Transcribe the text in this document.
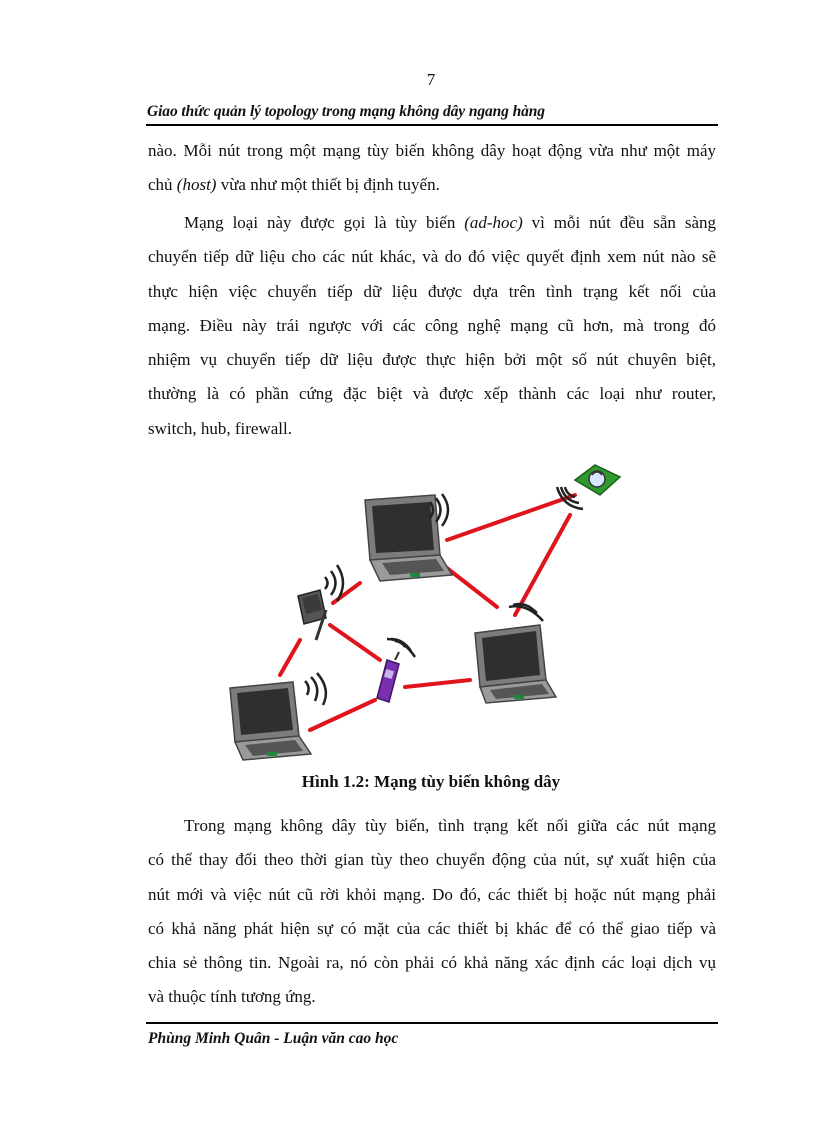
7
Giao thức quản lý topology trong mạng không dây ngang hàng
nào. Mỗi nút trong một mạng tùy biến không dây hoạt động vừa như một máy
chủ (host) vừa như một thiết bị định tuyến.
Mạng loại này được gọi là tùy biến (ad-hoc) vì mỗi nút đều sẵn sàng
chuyển tiếp dữ liệu cho các nút khác, và do đó việc quyết định xem nút nào sẽ
thực hiện việc chuyển tiếp dữ liệu được dựa trên tình trạng kết nối của
mạng. Điều này trái ngược với các công nghệ mạng cũ hơn, mà trong đó
nhiệm vụ chuyển tiếp dữ liệu được thực hiện bởi một số nút chuyên biệt,
thường là có phần cứng đặc biệt và được xếp thành các loại như router,
switch, hub, firewall.
Hình 1.2: Mạng tùy biến không dây
Trong mạng không dây tùy biến, tình trạng kết nối giữa các nút mạng
có thể thay đổi theo thời gian tùy theo chuyển động của nút, sự xuất hiện của
nút mới và việc nút cũ rời khỏi mạng. Do đó, các thiết bị hoặc nút mạng phải
có khả năng phát hiện sự có mặt của các thiết bị khác để có thể giao tiếp và
chia sẻ thông tin. Ngoài ra, nó còn phải có khả năng xác định các loại dịch vụ
và thuộc tính tương ứng.
Phùng Minh Quân - Luận văn cao học
